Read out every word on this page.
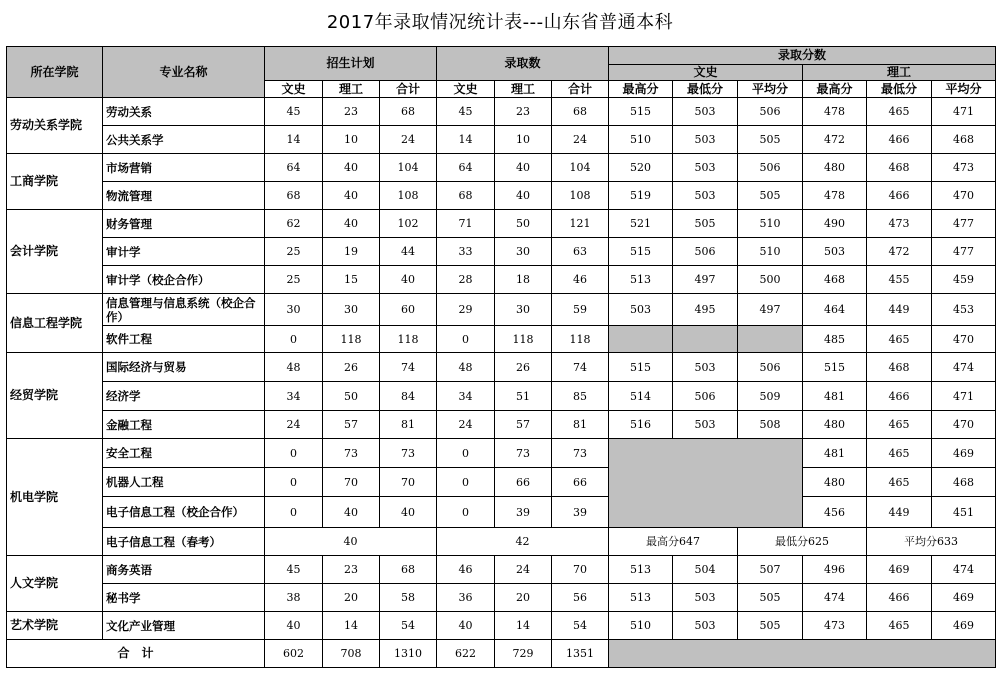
2017年录取情况统计表---山东省普通本科
所在学院	专业名称	招生计划			录取数			录取分数					
								文史			理工		
		文史	理工	合计	文史	理工	合计	最高分	最低分	平均分	最高分	最低分	平均分
劳动关系学院	劳动关系	45	23	68	45	23	68	515	503	506	478	465	471
	公共关系学	14	10	24	14	10	24	510	503	505	472	466	468
工商学院	市场营销	64	40	104	64	40	104	520	503	506	480	468	473
	物流管理	68	40	108	68	40	108	519	503	505	478	466	470
会计学院	财务管理	62	40	102	71	50	121	521	505	510	490	473	477
	审计学	25	19	44	33	30	63	515	506	510	503	472	477
	审计学（校企合作）	25	15	40	28	18	46	513	497	500	468	455	459
信息工程学院	信息管理与信息系统（校企合作）	30	30	60	29	30	59	503	495	497	464	449	453
	软件工程	0	118	118	0	118	118				485	465	470
经贸学院	国际经济与贸易	48	26	74	48	26	74	515	503	506	515	468	474
	经济学	34	50	84	34	51	85	514	506	509	481	466	471
	金融工程	24	57	81	24	57	81	516	503	508	480	465	470
机电学院	安全工程	0	73	73	0	73	73				481	465	469
	机器人工程	0	70	70	0	66	66				480	465	468
	电子信息工程（校企合作）	0	40	40	0	39	39				456	449	451
	电子信息工程（春考）	40			42			最高分647		最低分625		平均分633	
人文学院	商务英语	45	23	68	46	24	70	513	504	507	496	469	474
	秘书学	38	20	58	36	20	56	513	503	505	474	466	469
艺术学院	文化产业管理	40	14	54	40	14	54	510	503	505	473	465	469
合　计		602	708	1310	622	729	1351						
